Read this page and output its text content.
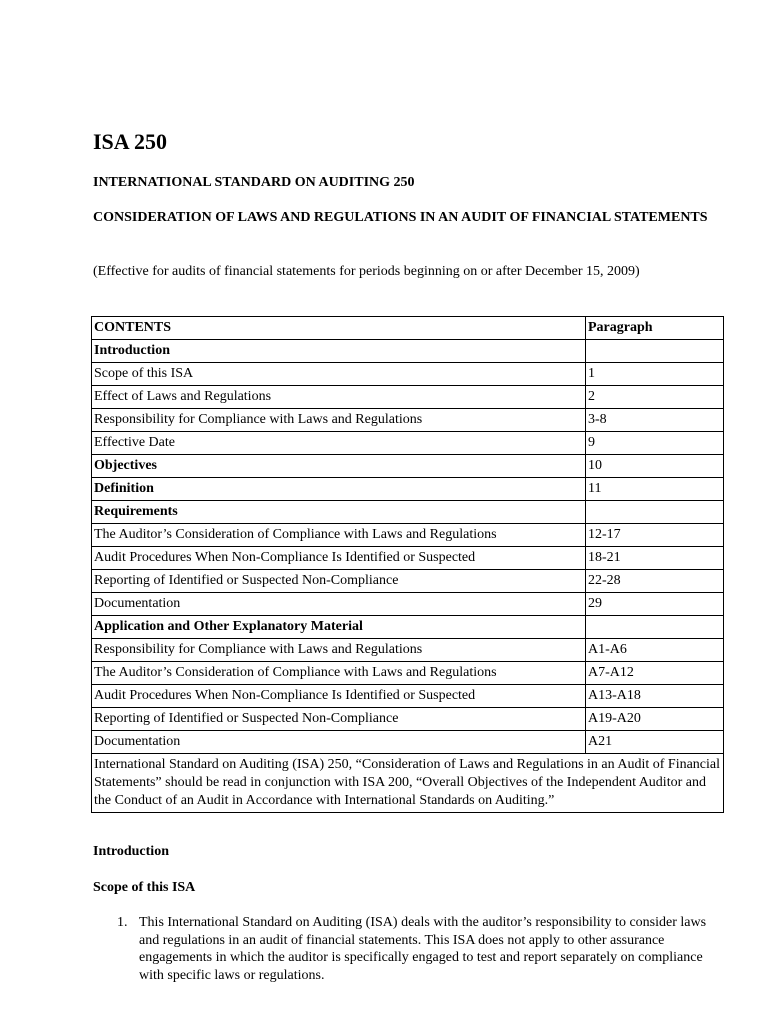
ISA 250

INTERNATIONAL STANDARD ON AUDITING 250

CONSIDERATION OF LAWS AND REGULATIONS IN AN AUDIT OF FINANCIAL STATEMENTS

(Effective for audits of financial statements for periods beginning on or after December 15, 2009)

CONTENTS	Paragraph
Introduction	
Scope of this ISA	1
Effect of Laws and Regulations	2
Responsibility for Compliance with Laws and Regulations	3-8
Effective Date	9
Objectives	10
Definition	11
Requirements	
The Auditor’s Consideration of Compliance with Laws and Regulations	12-17
Audit Procedures When Non-Compliance Is Identified or Suspected	18-21
Reporting of Identified or Suspected Non-Compliance	22-28
Documentation	29
Application and Other Explanatory Material	
Responsibility for Compliance with Laws and Regulations	A1-A6
The Auditor’s Consideration of Compliance with Laws and Regulations	A7-A12
Audit Procedures When Non-Compliance Is Identified or Suspected	A13-A18
Reporting of Identified or Suspected Non-Compliance	A19-A20
Documentation	A21
International Standard on Auditing (ISA) 250, “Consideration of Laws and Regulations in an Audit of Financial Statements” should be read in conjunction with ISA 200, “Overall Objectives of the Independent Auditor and the Conduct of an Audit in Accordance with International Standards on Auditing.”	

Introduction

Scope of this ISA

1. This International Standard on Auditing (ISA) deals with the auditor’s responsibility to consider laws and regulations in an audit of financial statements. This ISA does not apply to other assurance engagements in which the auditor is specifically engaged to test and report separately on compliance with specific laws or regulations.
